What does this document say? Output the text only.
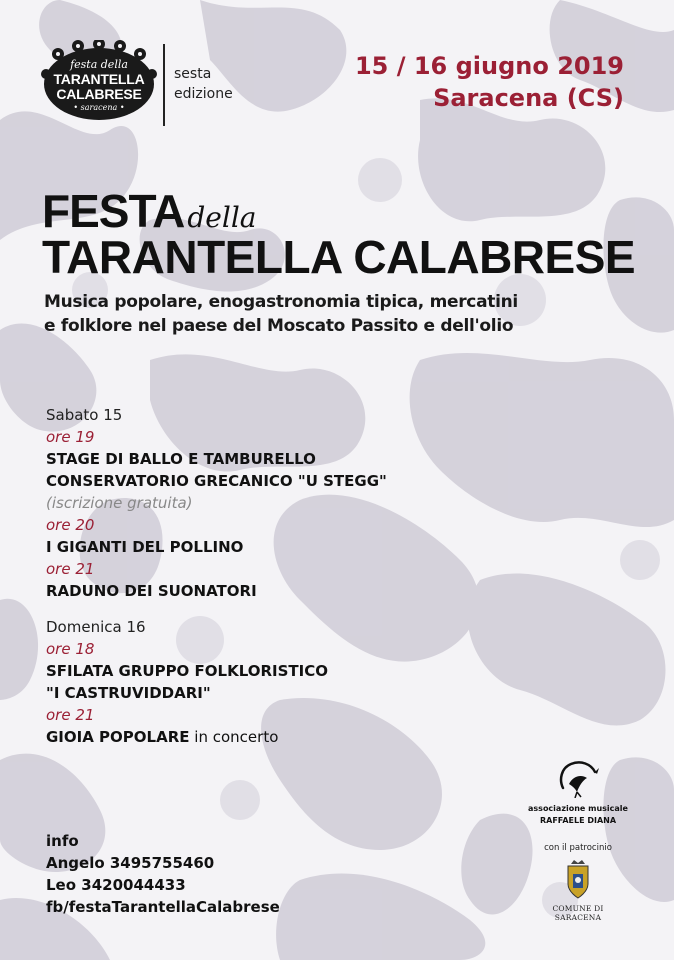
festa della
TARANTELLA
CALABRESE
• saracena •
sesta
edizione
15 / 16 giugno 2019
Saracena (CS)
FESTA della
TARANTELLA CALABRESE
Musica popolare, enogastronomia tipica, mercatini
e folklore nel paese del Moscato Passito e dell'olio
Sabato 15
ore 19
STAGE DI BALLO E TAMBURELLO
CONSERVATORIO GRECANICO "U STEGG"
(iscrizione gratuita)
ore 20
I GIGANTI DEL POLLINO
ore 21
RADUNO DEI SUONATORI
Domenica 16
ore 18
SFILATA GRUPPO FOLKLORISTICO
"I CASTRUVIDDARI"
ore 21
GIOIA POPOLARE in concerto
info
Angelo 3495755460
Leo 3420044433
fb/festaTarantellaCalabrese
associazione musicale
RAFFAELE DIANA
con il patrocinio
COMUNE DI SARACENA
